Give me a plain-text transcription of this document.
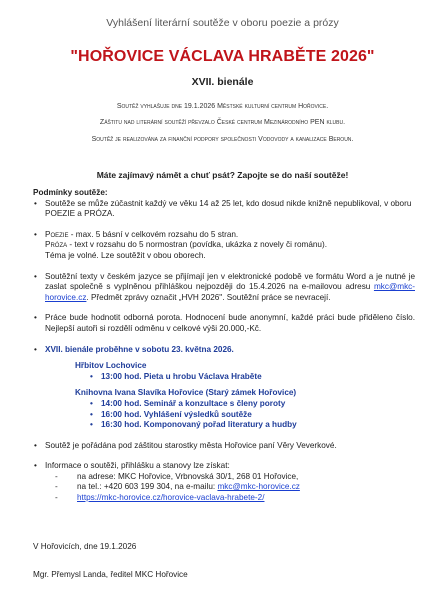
Vyhlášení literární soutěže v oboru poezie a prózy
"HOŘOVICE VÁCLAVA HRABĚTE 2026"
XVII. bienále
Soutěž vyhlašuje dne 19.1.2026 Městské kulturní centrum Hořovice.
Záštitu nad literární soutěží převzalo České centrum Mezinárodního PEN klubu.
Soutěž je realizována za finanční podpory společnosti Vodovody a kanalizace Beroun.
Máte zajímavý námět a chuť psát? Zapojte se do naší soutěže!

Podmínky soutěže:

• Soutěže se může zúčastnit každý ve věku 14 až 25 let, kdo dosud nikde knižně nepublikoval, v oboru POEZIE a PRÓZA.
• Poezie - max. 5 básní v celkovém rozsahu do 5 stran.
Próza - text v rozsahu do 5 normostran (povídka, ukázka z novely či románu).
Téma je volné. Lze soutěžit v obou oborech.
• Soutěžní texty v českém jazyce se přijímají jen v elektronické podobě ve formátu Word a je nutné je zaslat společně s vyplněnou přihláškou nejpozději do 15.4.2026 na e-mailovou adresu mkc@mkc-horovice.cz. Předmět zprávy označit „HVH 2026". Soutěžní práce se nevracejí.
• Práce bude hodnotit odborná porota. Hodnocení bude anonymní, každé práci bude přiděleno číslo. Nejlepší autoři si rozdělí odměnu v celkové výši 20.000,-Kč.
• XVII. bienále proběhne v sobotu 23. května 2026.
Hřbitov Lochovice
• 13:00 hod. Pieta u hrobu Václava Hraběte
Knihovna Ivana Slavíka Hořovice (Starý zámek Hořovice)
• 14:00 hod. Seminář a konzultace s členy poroty
• 16:00 hod. Vyhlášení výsledků soutěže
• 16:30 hod. Komponovaný pořad literatury a hudby
• Soutěž je pořádána pod záštitou starostky města Hořovice paní Věry Veverkové.
• Informace o soutěži, přihlášku a stanovy lze získat:
- na adrese: MKC Hořovice, Vrbnovská 30/1, 268 01 Hořovice,
- na tel.: +420 603 199 304, na e-mailu: mkc@mkc-horovice.cz
- https://mkc-horovice.cz/horovice-vaclava-hrabete-2/
V Hořovicích, dne 19.1.2026
Mgr. Přemysl Landa, ředitel MKC Hořovice
